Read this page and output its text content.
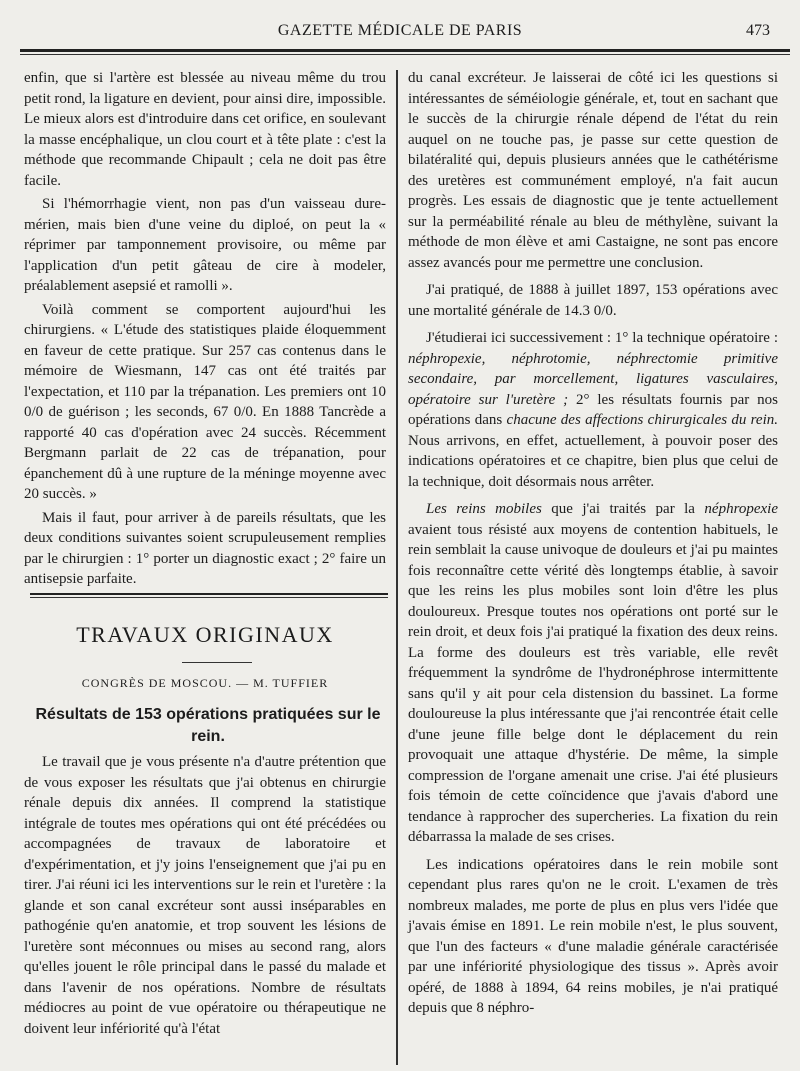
GAZETTE MÉDICALE DE PARIS	473

enfin, que si l'artère est blessée au niveau même du trou petit rond, la ligature en devient, pour ainsi dire, impossible. Le mieux alors est d'introduire dans cet orifice, en soulevant la masse encéphalique, un clou court et à tête plate : c'est la méthode que recommande Chipault ; cela ne doit pas être facile.

Si l'hémorrhagie vient, non pas d'un vaisseau dure-mérien, mais bien d'une veine du diploé, on peut la « réprimer par tamponnement provisoire, ou même par l'application d'un petit gâteau de cire à modeler, préalablement asepsié et ramolli ».

Voilà comment se comportent aujourd'hui les chirurgiens. « L'étude des statistiques plaide éloquemment en faveur de cette pratique. Sur 257 cas contenus dans le mémoire de Wiesmann, 147 cas ont été traités par l'expectation, et 110 par la trépanation. Les premiers ont 10 0/0 de guérison ; les seconds, 67 0/0. En 1888 Tancrède a rapporté 40 cas d'opération avec 24 succès. Récemment Bergmann parlait de 22 cas de trépanation, pour épanchement dû à une rupture de la méninge moyenne avec 20 succès. »

Mais il faut, pour arriver à de pareils résultats, que les deux conditions suivantes soient scrupuleusement remplies par le chirurgien : 1° porter un diagnostic exact ; 2° faire un antisepsie parfaite.

TRAVAUX ORIGINAUX
CONGRÈS DE MOSCOU. — M. TUFFIER
Résultats de 153 opérations pratiquées sur le rein.

Le travail que je vous présente n'a d'autre prétention que de vous exposer les résultats que j'ai obtenus en chirurgie rénale depuis dix années. Il comprend la statistique intégrale de toutes mes opérations qui ont été précédées ou accompagnées de travaux de laboratoire et d'expérimentation, et j'y joins l'enseignement que j'ai pu en tirer. J'ai réuni ici les interventions sur le rein et l'uretère : la glande et son canal excréteur sont aussi inséparables en pathogénie qu'en anatomie, et trop souvent les lésions de l'uretère sont méconnues ou mises au second rang, alors qu'elles jouent le rôle principal dans le passé du malade et dans l'avenir de nos opérations. Nombre de résultats médiocres au point de vue opératoire ou thérapeutique ne doivent leur infériorité qu'à l'état

du canal excréteur. Je laisserai de côté ici les questions si intéressantes de séméiologie générale, et, tout en sachant que le succès de la chirurgie rénale dépend de l'état du rein auquel on ne touche pas, je passe sur cette question de bilatéralité qui, depuis plusieurs années que le cathétérisme des uretères est communément employé, n'a fait aucun progrès. Les essais de diagnostic que je tente actuellement sur la perméabilité rénale au bleu de méthylène, suivant la méthode de mon élève et ami Castaigne, ne sont pas encore assez avancés pour me permettre une conclusion.

J'ai pratiqué, de 1888 à juillet 1897, 153 opérations avec une mortalité générale de 14.3 0/0.

J'étudierai ici successivement : 1° la technique opératoire : néphropexie, néphrotomie, néphrectomie primitive secondaire, par morcellement, ligatures vasculaires, opératoire sur l'uretère ; 2° les résultats fournis par nos opérations dans chacune des affections chirurgicales du rein. Nous arrivons, en effet, actuellement, à pouvoir poser des indications opératoires et ce chapitre, bien plus que celui de la technique, doit désormais nous arrêter.

Les reins mobiles que j'ai traités par la néphropexie avaient tous résisté aux moyens de contention habituels, le rein semblait la cause univoque de douleurs et j'ai pu maintes fois reconnaître cette vérité dès longtemps établie, à savoir que les reins les plus mobiles sont loin d'être les plus douloureux. Presque toutes nos opérations ont porté sur le rein droit, et deux fois j'ai pratiqué la fixation des deux reins. La forme des douleurs est très variable, elle revêt fréquemment la syndrôme de l'hydronéphrose intermittente sans qu'il y ait pour cela distension du bassinet. La forme douloureuse la plus intéressante que j'ai rencontrée était celle d'une jeune fille belge dont le déplacement du rein provoquait une attaque d'hystérie. De même, la simple compression de l'organe amenait une crise. J'ai été plusieurs fois témoin de cette coïncidence que j'avais d'abord une tendance à rapprocher des supercheries. La fixation du rein débarrassa la malade de ses crises.

Les indications opératoires dans le rein mobile sont cependant plus rares qu'on ne le croit. L'examen de très nombreux malades, me porte de plus en plus vers l'idée que j'avais émise en 1891. Le rein mobile n'est, le plus souvent, que l'un des facteurs « d'une maladie générale caractérisée par une infériorité physiologique des tissus ». Après avoir opéré, de 1888 à 1894, 64 reins mobiles, je n'ai pratiqué depuis que 8 néphro-
